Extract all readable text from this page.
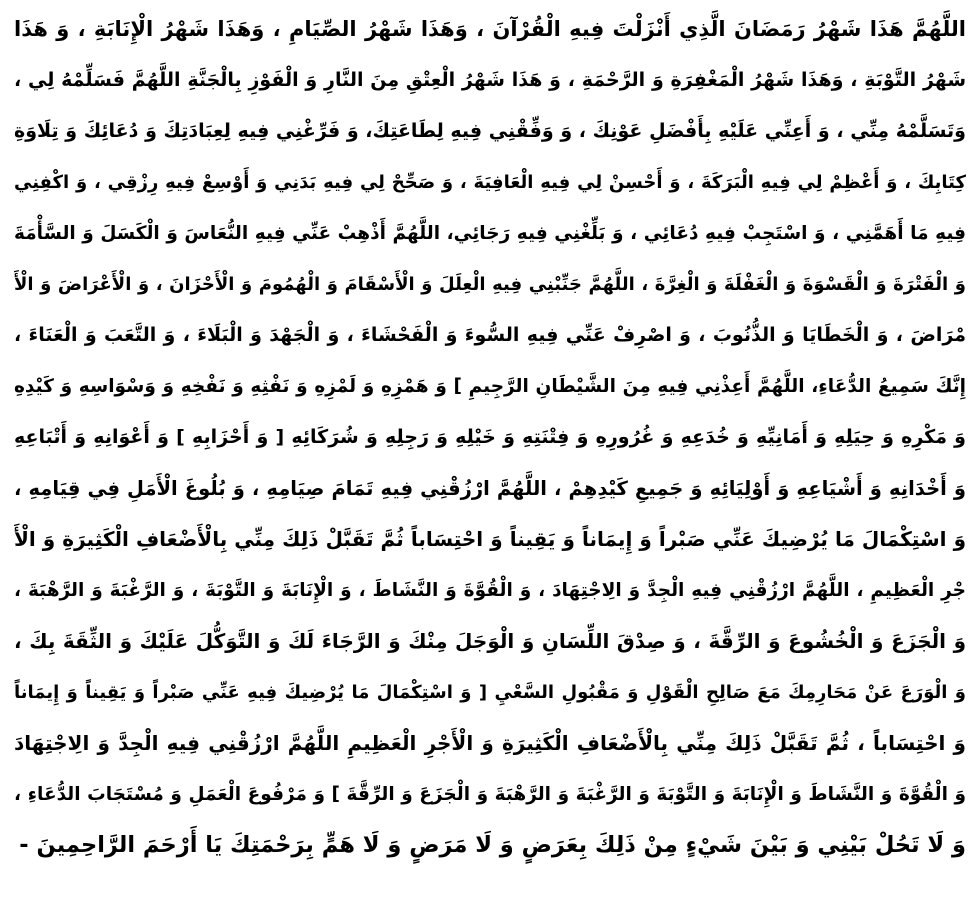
اللَّهُمَّ هَذَا شَهْرُ رَمَضَانَ الَّذِي أَنْزَلْتَ فِيهِ الْقُرْآنَ ، وَهَذَا شَهْرُ الصِّيَامِ ، وَهَذَا شَهْرُ الْإِنَابَةِ ، وَ هَذَا
شَهْرُ التَّوْبَةِ ، وَهَذَا شَهْرُ الْمَغْفِرَةِ وَ الرَّحْمَةِ ، وَ هَذَا شَهْرُ الْعِتْقِ مِنَ النَّارِ وَ الْفَوْزِ بِالْجَنَّةِ اللَّهُمَّ فَسَلِّمْهُ لِي ،
وَتَسَلَّمْهُ مِنِّي ، وَ أَعِنِّي عَلَيْهِ بِأَفْضَلِ عَوْنِكَ ، وَ وَفِّقْنِي فِيهِ لِطَاعَتِكَ، وَ فَرِّغْنِي فِيهِ لِعِبَادَتِكَ وَ دُعَائِكَ وَ تِلَاوَةِ
كِتَابِكَ ، وَ أَعْظِمْ لِي فِيهِ الْبَرَكَةَ ، وَ أَحْسِنْ لِي فِيهِ الْعَافِيَةَ ، وَ صَحِّحْ لِي فِيهِ بَدَنِي وَ أَوْسِعْ فِيهِ رِزْقِي ، وَ اكْفِنِي
فِيهِ مَا أَهَمَّنِي ، وَ اسْتَجِبْ فِيهِ دُعَائِي ، وَ بَلِّغْنِي فِيهِ رَجَائِي، اللَّهُمَّ أَذْهِبْ عَنِّي فِيهِ النُّعَاسَ وَ الْكَسَلَ وَ السَّأْمَةَ
وَ الْفَتْرَةَ وَ الْقَسْوَةَ وَ الْغَفْلَةَ وَ الْغِرَّةَ ، اللَّهُمَّ جَنِّبْنِي فِيهِ الْعِلَلَ وَ الْأَسْقَامَ وَ الْهُمُومَ وَ الْأَحْزَانَ ، وَ الْأَعْرَاضَ وَ الْأَ
مْرَاضَ ، وَ الْخَطَايَا وَ الذُّنُوبَ ، وَ اصْرِفْ عَنِّي فِيهِ السُّوءَ وَ الْفَحْشَاءَ ، وَ الْجَهْدَ وَ الْبَلَاءَ ، وَ التَّعَبَ وَ الْعَنَاءَ ،
إِنَّكَ سَمِيعُ الدُّعَاءِ، اللَّهُمَّ أَعِذْنِي فِيهِ مِنَ الشَّيْطَانِ الرَّجِيمِ ] وَ هَمْزِهِ وَ لَمْزِهِ وَ نَفْثِهِ وَ نَفْخِهِ وَ وَسْوَاسِهِ وَ كَيْدِهِ
وَ مَكْرِهِ وَ حِيَلِهِ وَ أَمَانِيِّهِ وَ خُدَعِهِ وَ غُرُورِهِ وَ فِتْنَتِهِ وَ خَيْلِهِ وَ رَجِلِهِ وَ شُرَكَائِهِ [ وَ أَحْزَابِهِ ] وَ أَعْوَانِهِ وَ أَتْبَاعِهِ
وَ أَخْدَانِهِ وَ أَشْيَاعِهِ وَ أَوْلِيَائِهِ وَ جَمِيعِ كَيْدِهِمْ ، اللَّهُمَّ ارْزُقْنِي فِيهِ تَمَامَ صِيَامِهِ ، وَ بُلُوغَ الْأَمَلِ فِي قِيَامِهِ ،
وَ اسْتِكْمَالَ مَا يُرْضِيكَ عَنِّي صَبْراً وَ إِيمَاناً وَ يَقِيناً وَ احْتِسَاباً ثُمَّ تَقَبَّلْ ذَلِكَ مِنِّي بِالْأَضْعَافِ الْكَثِيرَةِ وَ الْأَ
جْرِ الْعَظِيمِ ، اللَّهُمَّ ارْزُقْنِي فِيهِ الْجِدَّ وَ الِاجْتِهَادَ ، وَ الْقُوَّةَ وَ النَّشَاطَ ، وَ الْإِنَابَةَ وَ التَّوْبَةَ ، وَ الرَّغْبَةَ وَ الرَّهْبَةَ ،
وَ الْجَزَعَ وَ الْخُشُوعَ وَ الرِّقَّةَ ، وَ صِدْقَ اللِّسَانِ وَ الْوَجَلَ مِنْكَ وَ الرَّجَاءَ لَكَ وَ التَّوَكُّلَ عَلَيْكَ وَ الثِّقَةَ بِكَ ،
وَ الْوَرَعَ عَنْ مَحَارِمِكَ مَعَ صَالِحِ الْقَوْلِ وَ مَقْبُولِ السَّعْيِ [ وَ اسْتِكْمَالَ مَا يُرْضِيكَ فِيهِ عَنِّي صَبْراً وَ يَقِيناً وَ إِيمَاناً
وَ احْتِسَاباً ، ثُمَّ تَقَبَّلْ ذَلِكَ مِنِّي بِالْأَضْعَافِ الْكَثِيرَةِ وَ الْأَجْرِ الْعَظِيمِ اللَّهُمَّ ارْزُقْنِي فِيهِ الْجِدَّ وَ الِاجْتِهَادَ
وَ الْقُوَّةَ وَ النَّشَاطَ وَ الْإِنَابَةَ وَ التَّوْبَةَ وَ الرَّغْبَةَ وَ الرَّهْبَةَ وَ الْجَزَعَ وَ الرِّقَّةَ ] وَ مَرْفُوعَ الْعَمَلِ وَ مُسْتَجَابَ الدُّعَاءِ ،
وَ لَا تَحُلْ بَيْنِي وَ بَيْنَ شَيْءٍ مِنْ ذَلِكَ بِعَرَضٍ وَ لَا مَرَضٍ وَ لَا هَمٍّ بِرَحْمَتِكَ يَا أَرْحَمَ الرَّاحِمِينَ -
